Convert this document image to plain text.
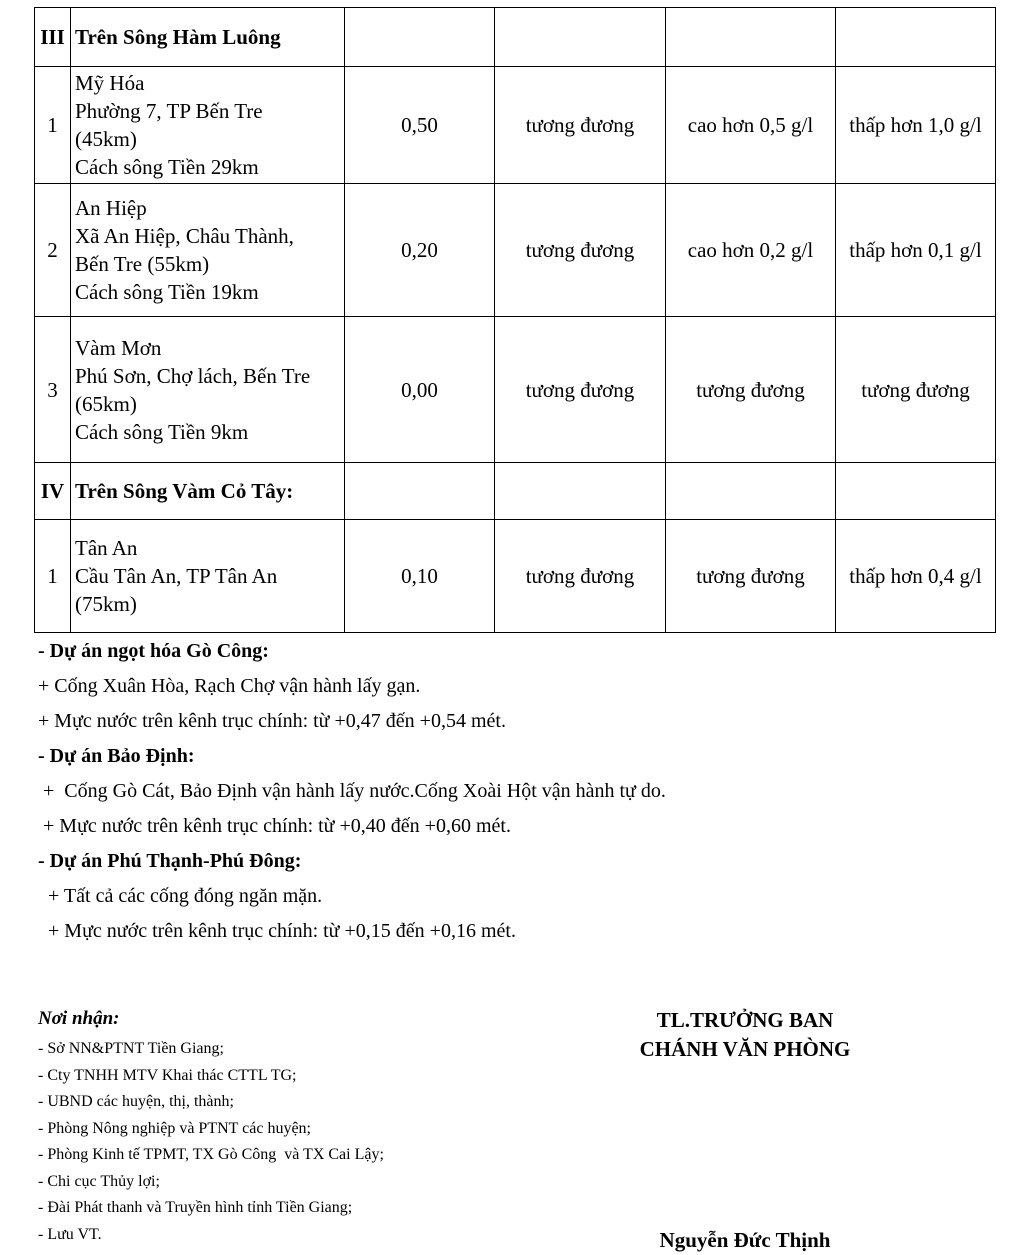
III	Trên Sông Hàm Luông				
1	Mỹ Hóa
Phường 7, TP Bến Tre
(45km)
Cách sông Tiền 29km	0,50	tương đương	cao hơn 0,5 g/l	thấp hơn 1,0 g/l
2	An Hiệp
Xã An Hiệp, Châu Thành,
Bến Tre (55km)
Cách sông Tiền 19km	0,20	tương đương	cao hơn 0,2 g/l	thấp hơn 0,1 g/l
3	Vàm Mơn
Phú Sơn, Chợ lách, Bến Tre
(65km)
Cách sông Tiền 9km	0,00	tương đương	tương đương	tương đương
IV	Trên Sông Vàm Cỏ Tây:				
1	Tân An
Cầu Tân An, TP Tân An
(75km)	0,10	tương đương	tương đương	thấp hơn 0,4 g/l
- Dự án ngọt hóa Gò Công:
+ Cống Xuân Hòa, Rạch Chợ vận hành lấy gạn.
+ Mực nước trên kênh trục chính: từ +0,47 đến +0,54 mét.
- Dự án Bảo Định:
+  Cống Gò Cát, Bảo Định vận hành lấy nước.Cống Xoài Hột vận hành tự do.
+ Mực nước trên kênh trục chính: từ +0,40 đến +0,60 mét.
- Dự án Phú Thạnh-Phú Đông:
+ Tất cả các cống đóng ngăn mặn.
+ Mực nước trên kênh trục chính: từ +0,15 đến +0,16 mét.
Nơi nhận:
- Sở NN&PTNT Tiền Giang;
- Cty TNHH MTV Khai thác CTTL TG;
- UBND các huyện, thị, thành;
- Phòng Nông nghiệp và PTNT các huyện;
- Phòng Kinh tế TPMT, TX Gò Công  và TX Cai Lậy;
- Chi cục Thủy lợi;
- Đài Phát thanh và Truyền hình tỉnh Tiền Giang;
- Lưu VT.
TL.TRƯỞNG BAN
CHÁNH VĂN PHÒNG
Nguyễn Đức Thịnh
